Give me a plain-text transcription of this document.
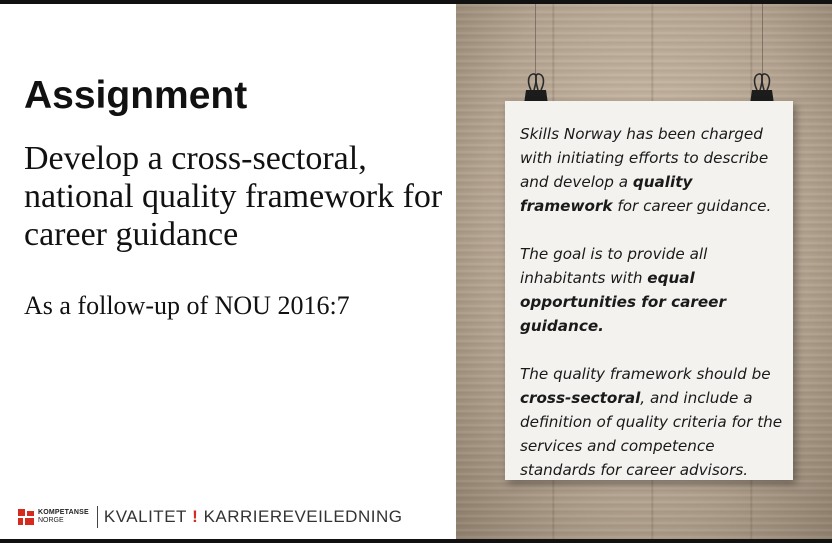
Assignment

Develop a cross-sectoral, national quality framework for career guidance

As a follow-up of NOU 2016:7

KOMPETANSE
NORGE	KVALITET ! KARRIEREVEILEDNING

Skills Norway has been charged with initiating efforts to describe and develop a quality framework for career guidance.

The goal is to provide all inhabitants with equal opportunities for career guidance.

The quality framework should be cross-sectoral, and include a definition of quality criteria for the services and competence standards for career advisors.
